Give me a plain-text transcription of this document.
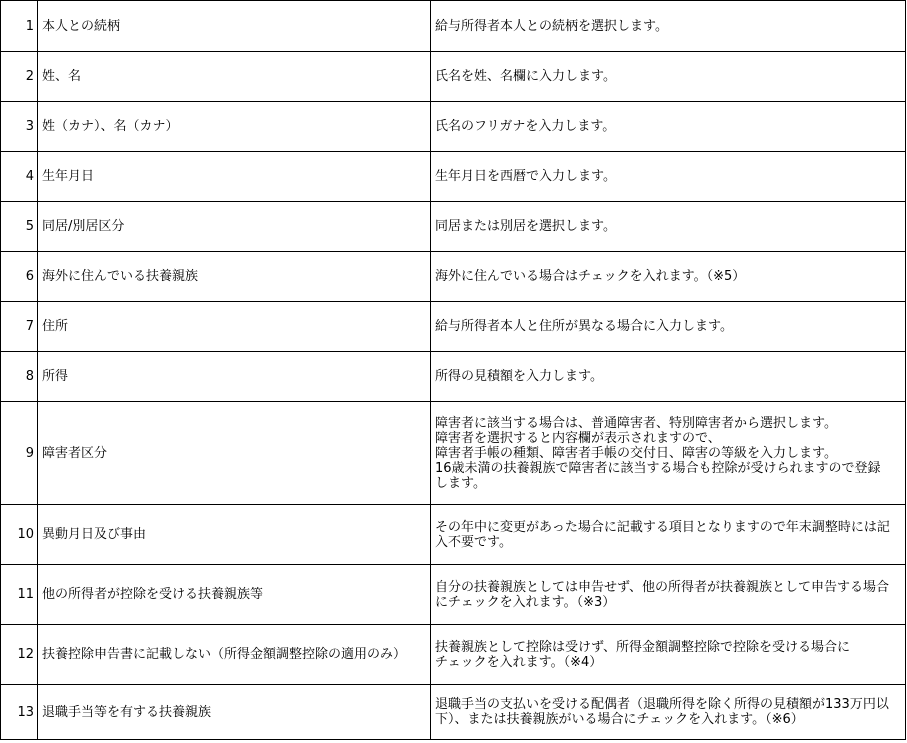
1	本人との続柄	給与所得者本人との続柄を選択します。
2	姓、名	氏名を姓、名欄に入力します。
3	姓（カナ）、名（カナ）	氏名のフリガナを入力します。
4	生年月日	生年月日を西暦で入力します。
5	同居/別居区分	同居または別居を選択します。
6	海外に住んでいる扶養親族	海外に住んでいる場合はチェックを入れます。（※5）
7	住所	給与所得者本人と住所が異なる場合に入力します。
8	所得	所得の見積額を入力します。
9	障害者区分	障害者に該当する場合は、普通障害者、特別障害者から選択します。
障害者を選択すると内容欄が表示されますので、
障害者手帳の種類、障害者手帳の交付日、障害の等級を入力します。
16歳未満の扶養親族で障害者に該当する場合も控除が受けられますので登録します。
10	異動月日及び事由	その年中に変更があった場合に記載する項目となりますので年末調整時には記入不要です。
11	他の所得者が控除を受ける扶養親族等	自分の扶養親族としては申告せず、他の所得者が扶養親族として申告する場合にチェックを入れます。（※3）
12	扶養控除申告書に記載しない（所得金額調整控除の適用のみ）	扶養親族として控除は受けず、所得金額調整控除で控除を受ける場合に
チェックを入れます。（※4）
13	退職手当等を有する扶養親族	退職手当の支払いを受ける配偶者（退職所得を除く所得の見積額が133万円以下）、または扶養親族がいる場合にチェックを入れます。（※6）
